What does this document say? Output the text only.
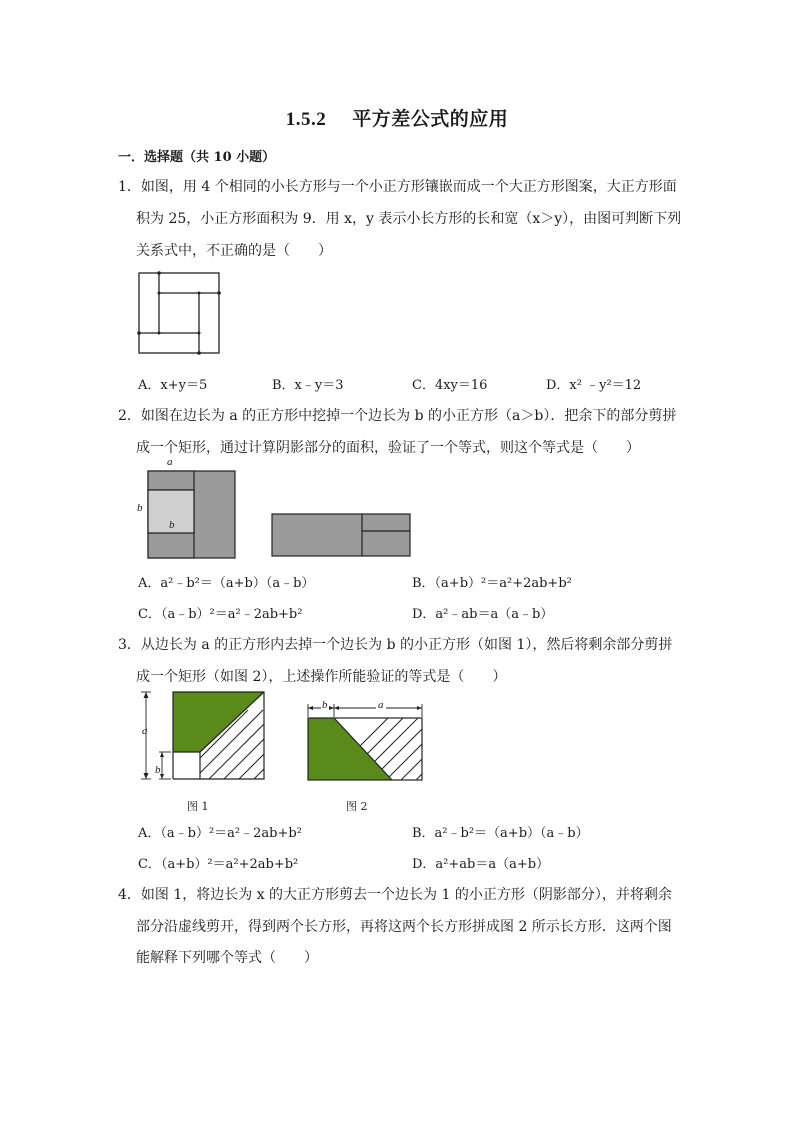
1.5.2 平方差公式的应用
一．选择题（共 10 小题）
1．如图，用 4 个相同的小长方形与一个小正方形镶嵌而成一个大正方形图案，大正方形面
积为 25，小正方形面积为 9．用 x，y 表示小长方形的长和宽（x＞y），由图可判断下列
关系式中，不正确的是（　　）
A．x+y＝5	B．x﹣y＝3	C．4xy＝16	D．x² ﹣y²＝12
2．如图在边长为 a 的正方形中挖掉一个边长为 b 的小正方形（a＞b）．把余下的部分剪拼
成一个矩形，通过计算阴影部分的面积，验证了一个等式，则这个等式是（　　）
a
b
b
A．a²﹣b²＝（a+b）（a﹣b）	B．（a+b）²＝a²+2ab+b²
C．（a﹣b）²＝a²﹣2ab+b²	D．a²﹣ab＝a（a﹣b）
3．从边长为 a 的正方形内去掉一个边长为 b 的小正方形（如图 1），然后将剩余部分剪拼
成一个矩形（如图 2），上述操作所能验证的等式是（　　）
a
b
图 1
b	a
图 2
A．（a﹣b）²＝a²﹣2ab+b²	B．a²﹣b²＝（a+b）（a﹣b）
C．（a+b）²＝a²+2ab+b²	D．a²+ab＝a（a+b）
4．如图 1，将边长为 x 的大正方形剪去一个边长为 1 的小正方形（阴影部分），并将剩余
部分沿虚线剪开，得到两个长方形，再将这两个长方形拼成图 2 所示长方形．这两个图
能解释下列哪个等式（　　）
